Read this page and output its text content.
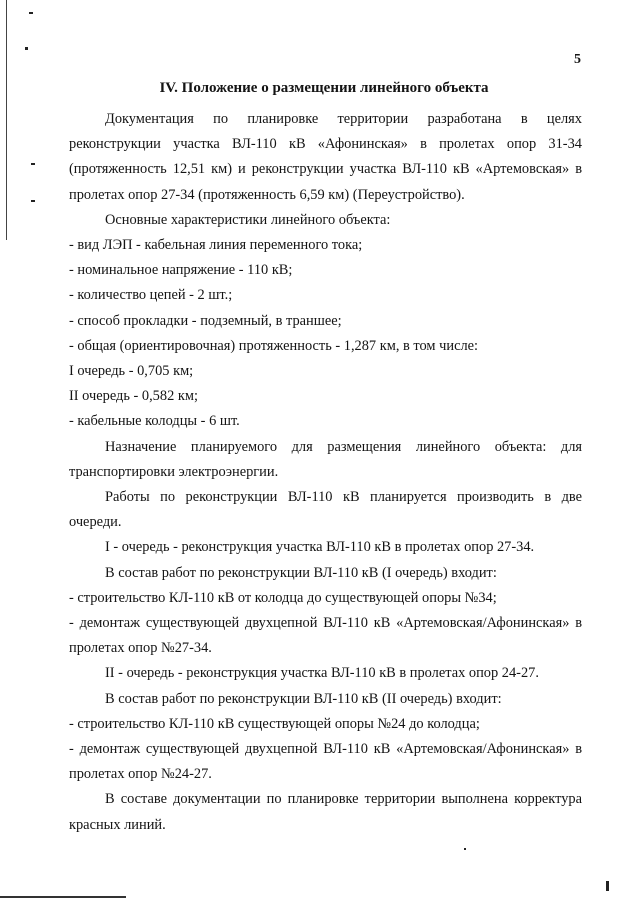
5
IV. Положение о размещении линейного объекта

Документация по планировке территории разработана в целях реконструкции участка ВЛ-110 кВ «Афонинская» в пролетах опор 31-34 (протяженность 12,51 км) и реконструкции участка ВЛ-110 кВ «Артемовская» в пролетах опор 27-34 (протяженность 6,59 км) (Переустройство).

Основные характеристики линейного объекта:

- вид ЛЭП - кабельная линия переменного тока;

- номинальное напряжение - 110 кВ;

- количество цепей - 2 шт.;

- способ прокладки - подземный, в траншее;

- общая (ориентировочная) протяженность - 1,287 км, в том числе:

I очередь - 0,705 км;

II очередь - 0,582 км;

- кабельные колодцы - 6 шт.

Назначение планируемого для размещения линейного объекта: для транспортировки электроэнергии.

Работы по реконструкции ВЛ-110 кВ планируется производить в две очереди.

I - очередь - реконструкция участка ВЛ-110 кВ в пролетах опор 27-34.

В состав работ по реконструкции ВЛ-110 кВ (I очередь) входит:

- строительство КЛ-110 кВ от колодца до существующей опоры №34;

- демонтаж существующей двухцепной ВЛ-110 кВ «Артемовская/Афонинская» в пролетах опор №27-34.

II - очередь - реконструкция участка ВЛ-110 кВ в пролетах опор 24-27.

В состав работ по реконструкции ВЛ-110 кВ (II очередь) входит:

- строительство КЛ-110 кВ существующей опоры №24 до колодца;

- демонтаж существующей двухцепной ВЛ-110 кВ «Артемовская/Афонинская» в пролетах опор №24-27.

В составе документации по планировке территории выполнена корректура красных линий.
